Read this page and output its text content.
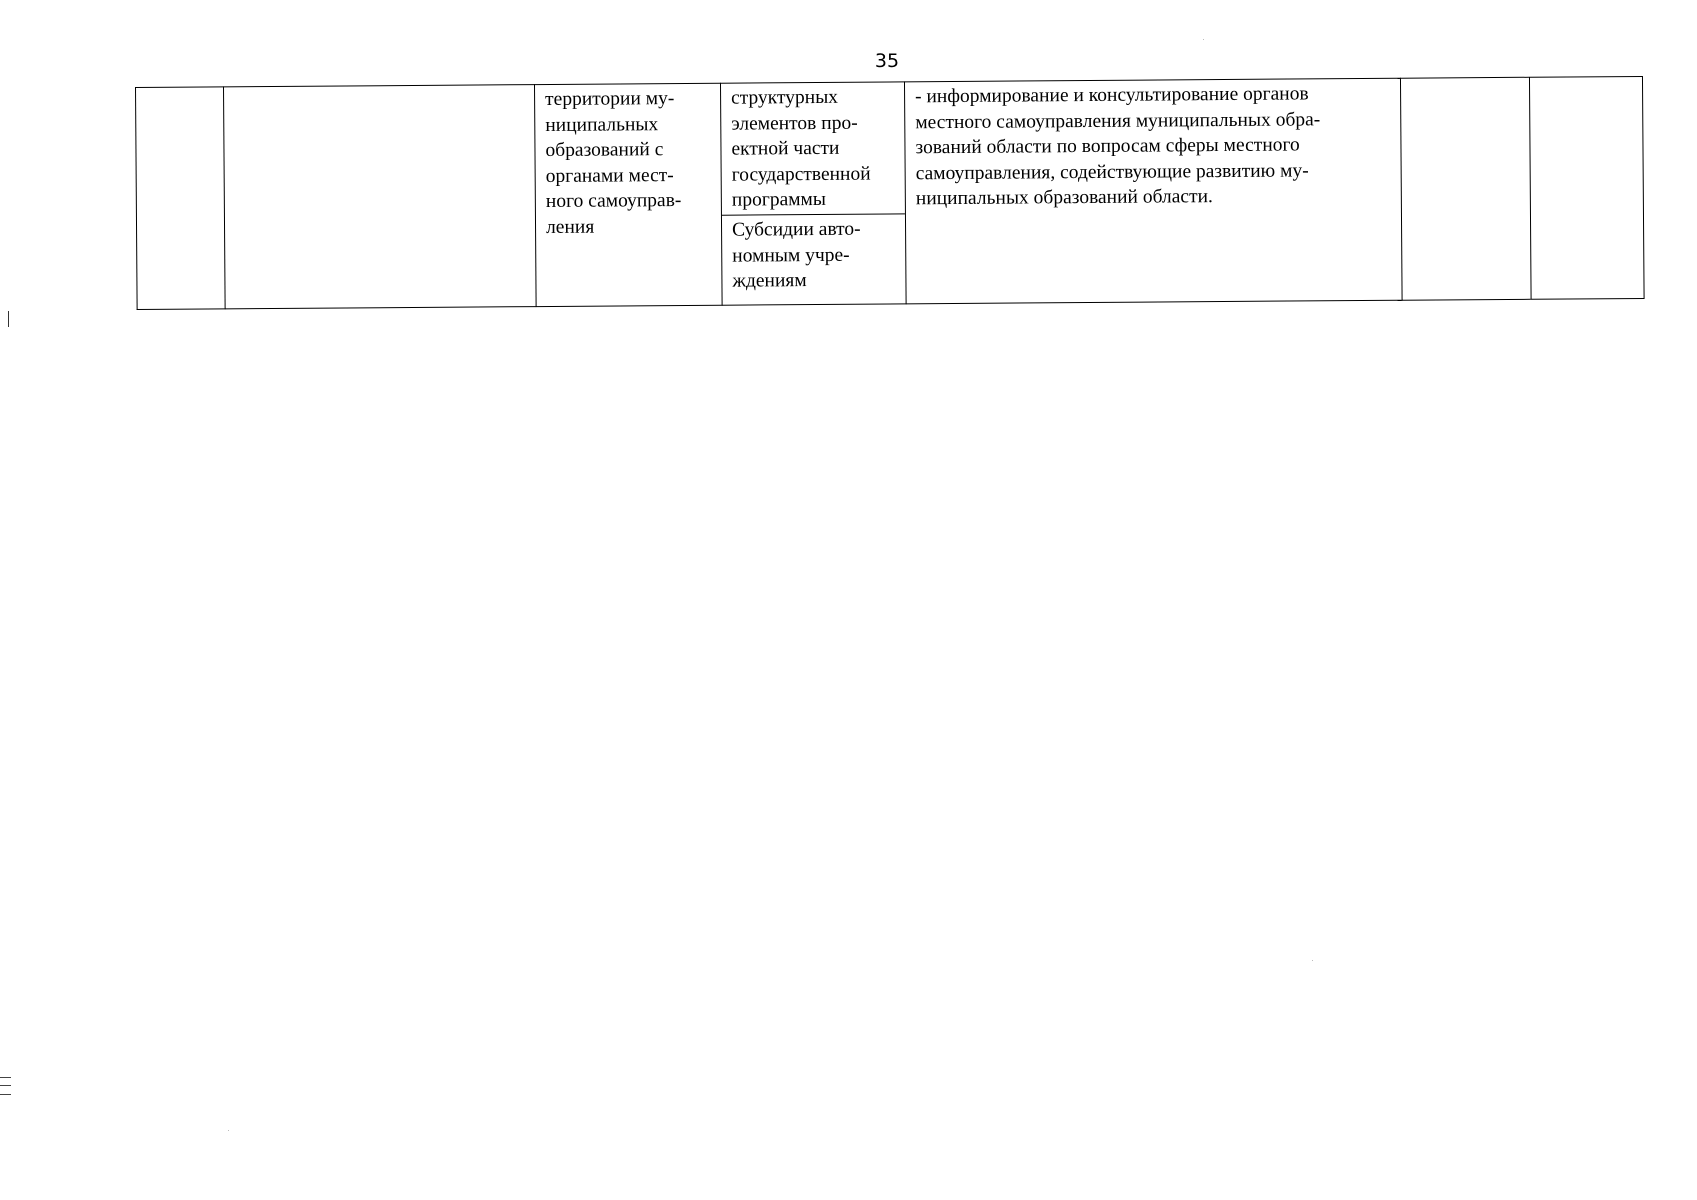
35
территории му-
ниципальных
образований с
органами мест-
ного самоуправ-
ления
структурных
элементов про-
ектной части
государственной
программы
Субсидии авто-
номным учре-
ждениям
- информирование и консультирование органов
местного самоуправления муниципальных обра-
зований области по вопросам сферы местного
самоуправления, содействующие развитию му-
ниципальных образований области.
